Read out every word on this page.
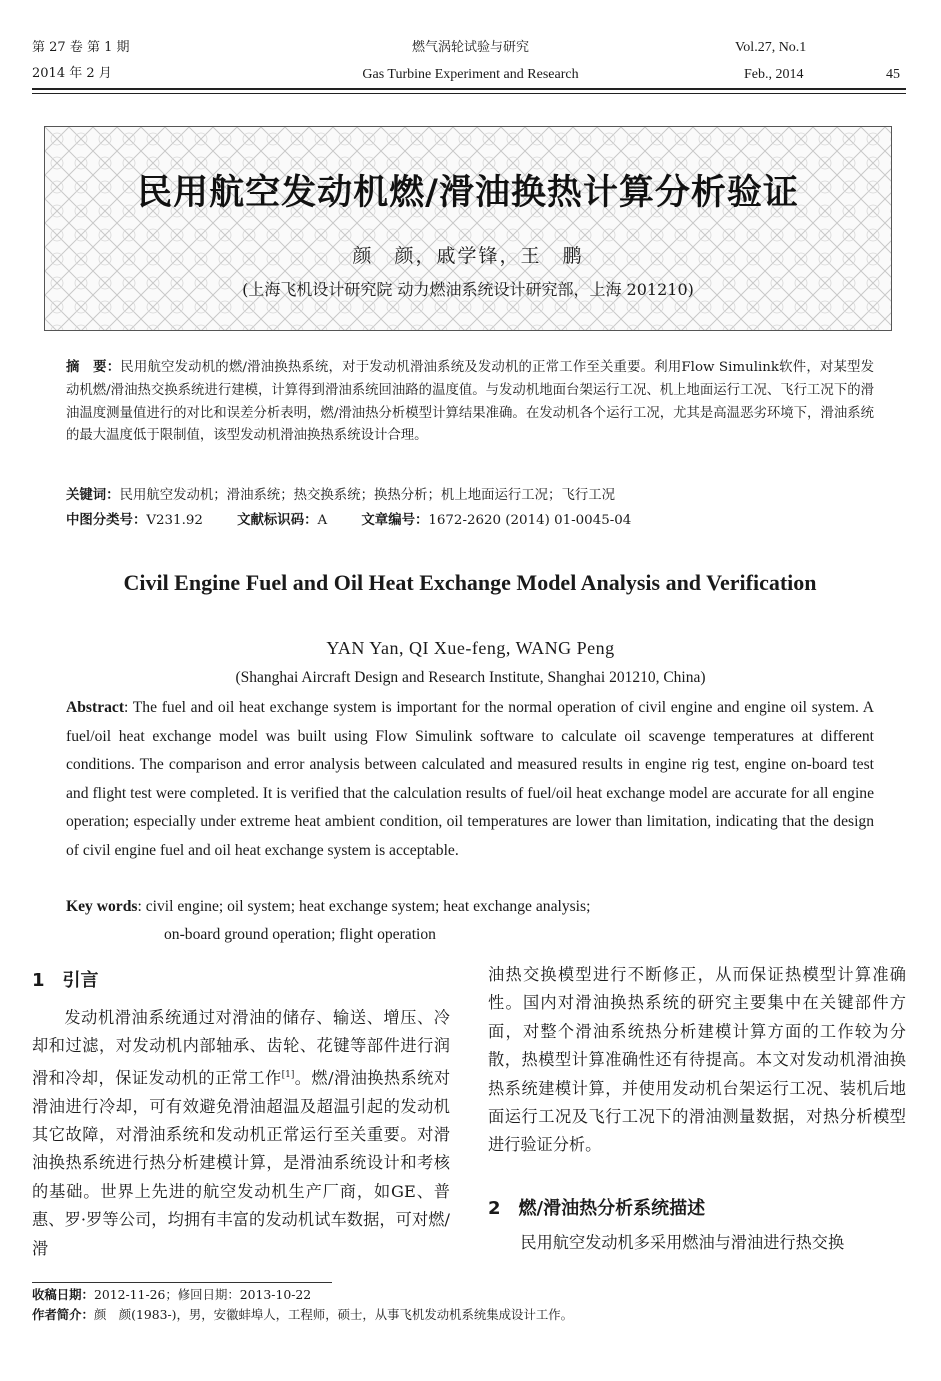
第 27 卷 第 1 期	燃气涡轮试验与研究	Vol.27, No.1
2014 年 2 月	Gas Turbine Experiment and Research	Feb., 2014	45
民用航空发动机燃/滑油换热计算分析验证
颜　颜，戚学锋，王　鹏
(上海飞机设计研究院 动力燃油系统设计研究部，上海 201210)
摘　要：民用航空发动机的燃/滑油换热系统，对于发动机滑油系统及发动机的正常工作至关重要。利用Flow Simulink软件，对某型发动机燃/滑油热交换系统进行建模，计算得到滑油系统回油路的温度值。与发动机地面台架运行工况、机上地面运行工况、飞行工况下的滑油温度测量值进行的对比和误差分析表明，燃/滑油热分析模型计算结果准确。在发动机各个运行工况，尤其是高温恶劣环境下，滑油系统的最大温度低于限制值，该型发动机滑油换热系统设计合理。
关键词：民用航空发动机；滑油系统；热交换系统；换热分析；机上地面运行工况；飞行工况
中图分类号：V231.92	文献标识码：A	文章编号：1672-2620 (2014) 01-0045-04
Civil Engine Fuel and Oil Heat Exchange Model Analysis and Verification
YAN Yan, QI Xue-feng, WANG Peng
(Shanghai Aircraft Design and Research Institute, Shanghai 201210, China)
Abstract: The fuel and oil heat exchange system is important for the normal operation of civil engine and engine oil system. A fuel/oil heat exchange model was built using Flow Simulink software to calculate oil scavenge temperatures at different conditions. The comparison and error analysis between calculated and measured results in engine rig test, engine on-board test and flight test were completed. It is verified that the calculation results of fuel/oil heat exchange model are accurate for all engine operation; especially under extreme heat ambient condition, oil temperatures are lower than limitation, indicating that the design of civil engine fuel and oil heat exchange system is acceptable.
Key words: civil engine; oil system; heat exchange system; heat exchange analysis;
on-board ground operation; flight operation
1　引言
发动机滑油系统通过对滑油的储存、输送、增压、冷却和过滤，对发动机内部轴承、齿轮、花键等部件进行润滑和冷却，保证发动机的正常工作[1]。燃/滑油换热系统对滑油进行冷却，可有效避免滑油超温及超温引起的发动机其它故障，对滑油系统和发动机正常运行至关重要。对滑油换热系统进行热分析建模计算，是滑油系统设计和考核的基础。世界上先进的航空发动机生产厂商，如GE、普惠、罗·罗等公司，均拥有丰富的发动机试车数据，可对燃/滑
油热交换模型进行不断修正，从而保证热模型计算准确性。国内对滑油换热系统的研究主要集中在关键部件方面，对整个滑油系统热分析建模计算方面的工作较为分散，热模型计算准确性还有待提高。本文对发动机滑油换热系统建模计算，并使用发动机台架运行工况、装机后地面运行工况及飞行工况下的滑油测量数据，对热分析模型进行验证分析。
2　燃/滑油热分析系统描述
民用航空发动机多采用燃油与滑油进行热交换
收稿日期：2012-11-26；修回日期：2013-10-22
作者简介：颜　颜(1983-)，男，安徽蚌埠人，工程师，硕士，从事飞机发动机系统集成设计工作。
